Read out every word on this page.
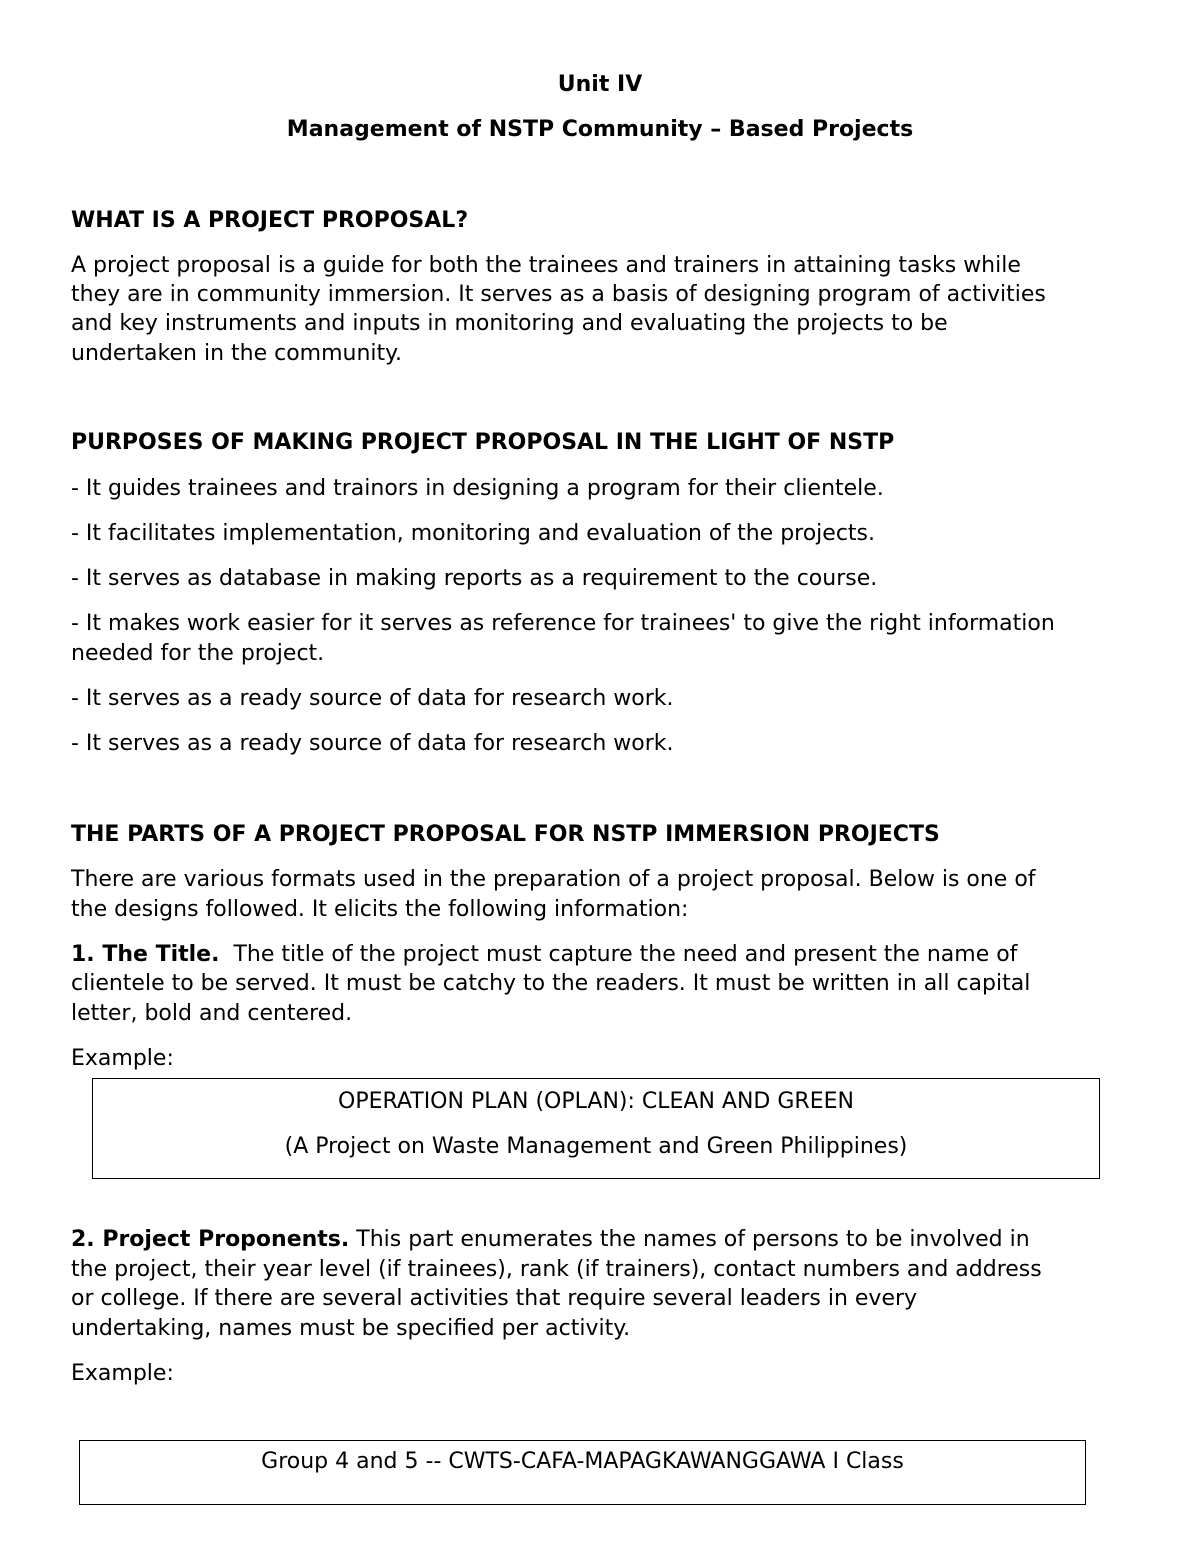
Unit IV
Management of NSTP Community – Based Projects
WHAT IS A PROJECT PROPOSAL?
A project proposal is a guide for both the trainees and trainers in attaining tasks while
they are in community immersion. It serves as a basis of designing program of activities
and key instruments and inputs in monitoring and evaluating the projects to be
undertaken in the community.
PURPOSES OF MAKING PROJECT PROPOSAL IN THE LIGHT OF NSTP
- It guides trainees and trainors in designing a program for their clientele.
- It facilitates implementation, monitoring and evaluation of the projects.
- It serves as database in making reports as a requirement to the course.
- It makes work easier for it serves as reference for trainees' to give the right information
needed for the project.
- It serves as a ready source of data for research work.
- It serves as a ready source of data for research work.
THE PARTS OF A PROJECT PROPOSAL FOR NSTP IMMERSION PROJECTS
There are various formats used in the preparation of a project proposal. Below is one of
the designs followed. It elicits the following information:
1. The Title.  The title of the project must capture the need and present the name of
clientele to be served. It must be catchy to the readers. It must be written in all capital
letter, bold and centered.
Example:
OPERATION PLAN (OPLAN): CLEAN AND GREEN
(A Project on Waste Management and Green Philippines)
2. Project Proponents. This part enumerates the names of persons to be involved in
the project, their year level (if trainees), rank (if trainers), contact numbers and address
or college. If there are several activities that require several leaders in every
undertaking, names must be specified per activity.
Example:
Group 4 and 5 -- CWTS-CAFA-MAPAGKAWANGGAWA I Class
